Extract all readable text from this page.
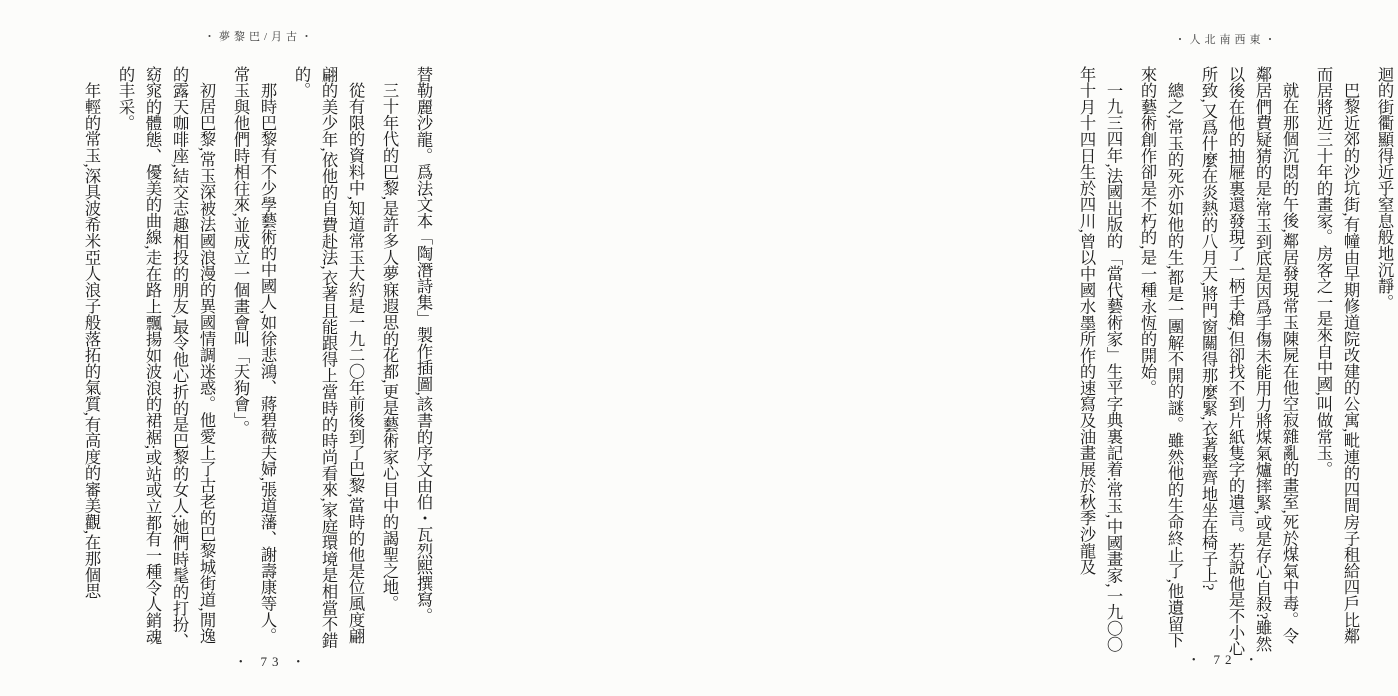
・夢黎巴/月古・

替勒麗沙龍。爲法文本「陶潛詩集」製作插圖,該書的序文由伯・瓦烈熙撰寫。

三十年代的巴黎,是許多人夢寐遐思的花都,更是藝術家心目中的謁聖之地。

從有限的資料中,知道常玉大約是一九二〇年前後到了巴黎,當時的他是位風度翩翩的美少年,依他的自費赴法,衣著且能跟得上當時的時尚看來,家庭環境是相當不錯的。

那時巴黎有不少學藝術的中國人,如徐悲鴻、蔣碧薇夫婦,張道藩、謝壽康等人。常玉與他們時相往來,並成立一個畫會叫「天狗會」。

初居巴黎,常玉深被法國浪漫的異國情調迷惑。他愛上了古老的巴黎城街道,閒逸的露天咖啡座,結交志趣相投的朋友,最令他心折的是巴黎的女人;她們時髦的打扮、窈窕的體態、優美的曲線,走在路上飄揚如波浪的裙裾;或站或立都有一種令人銷魂的丰采。

年輕的常玉,深具波希米亞人浪子般落拓的氣質,有高度的審美觀,在那個思

・ 73 ・
・人北南西東・

迴的街衢顯得近乎窒息般地沉靜。

巴黎近郊的沙坑街,有幢由早期修道院改建的公寓,毗連的四間房子租給四戶比鄰而居將近三十年的畫家。房客之一是來自中國,叫做常玉。

就在那個沉悶的午後,鄰居發現常玉陳屍在他空寂雜亂的畫室,死於煤氣中毒。令鄰居們費疑猜的是:常玉到底是因爲手傷未能用力將煤氣爐摔緊,或是存心自殺?雖然以後在他的抽屜裏還發現了一柄手槍,但卻找不到片紙隻字的遺言。若說他是不小心所致,又爲什麼在炎熱的八月天,將門窗關得那麼緊,衣著整齊地坐在椅子上?

總之,常玉的死亦如他的生,都是一團解不開的謎。雖然他的生命終止了,他遺留下來的藝術創作卻是不朽的,是一種永恆的開始。

一九三四年,法國出版的「當代藝術家」生平字典裏記着:常玉,中國畫家,一九〇〇年十月十四日生於四川,曾以中國水墨所作的速寫及油畫展於秋季沙龍及

・ 72 ・
